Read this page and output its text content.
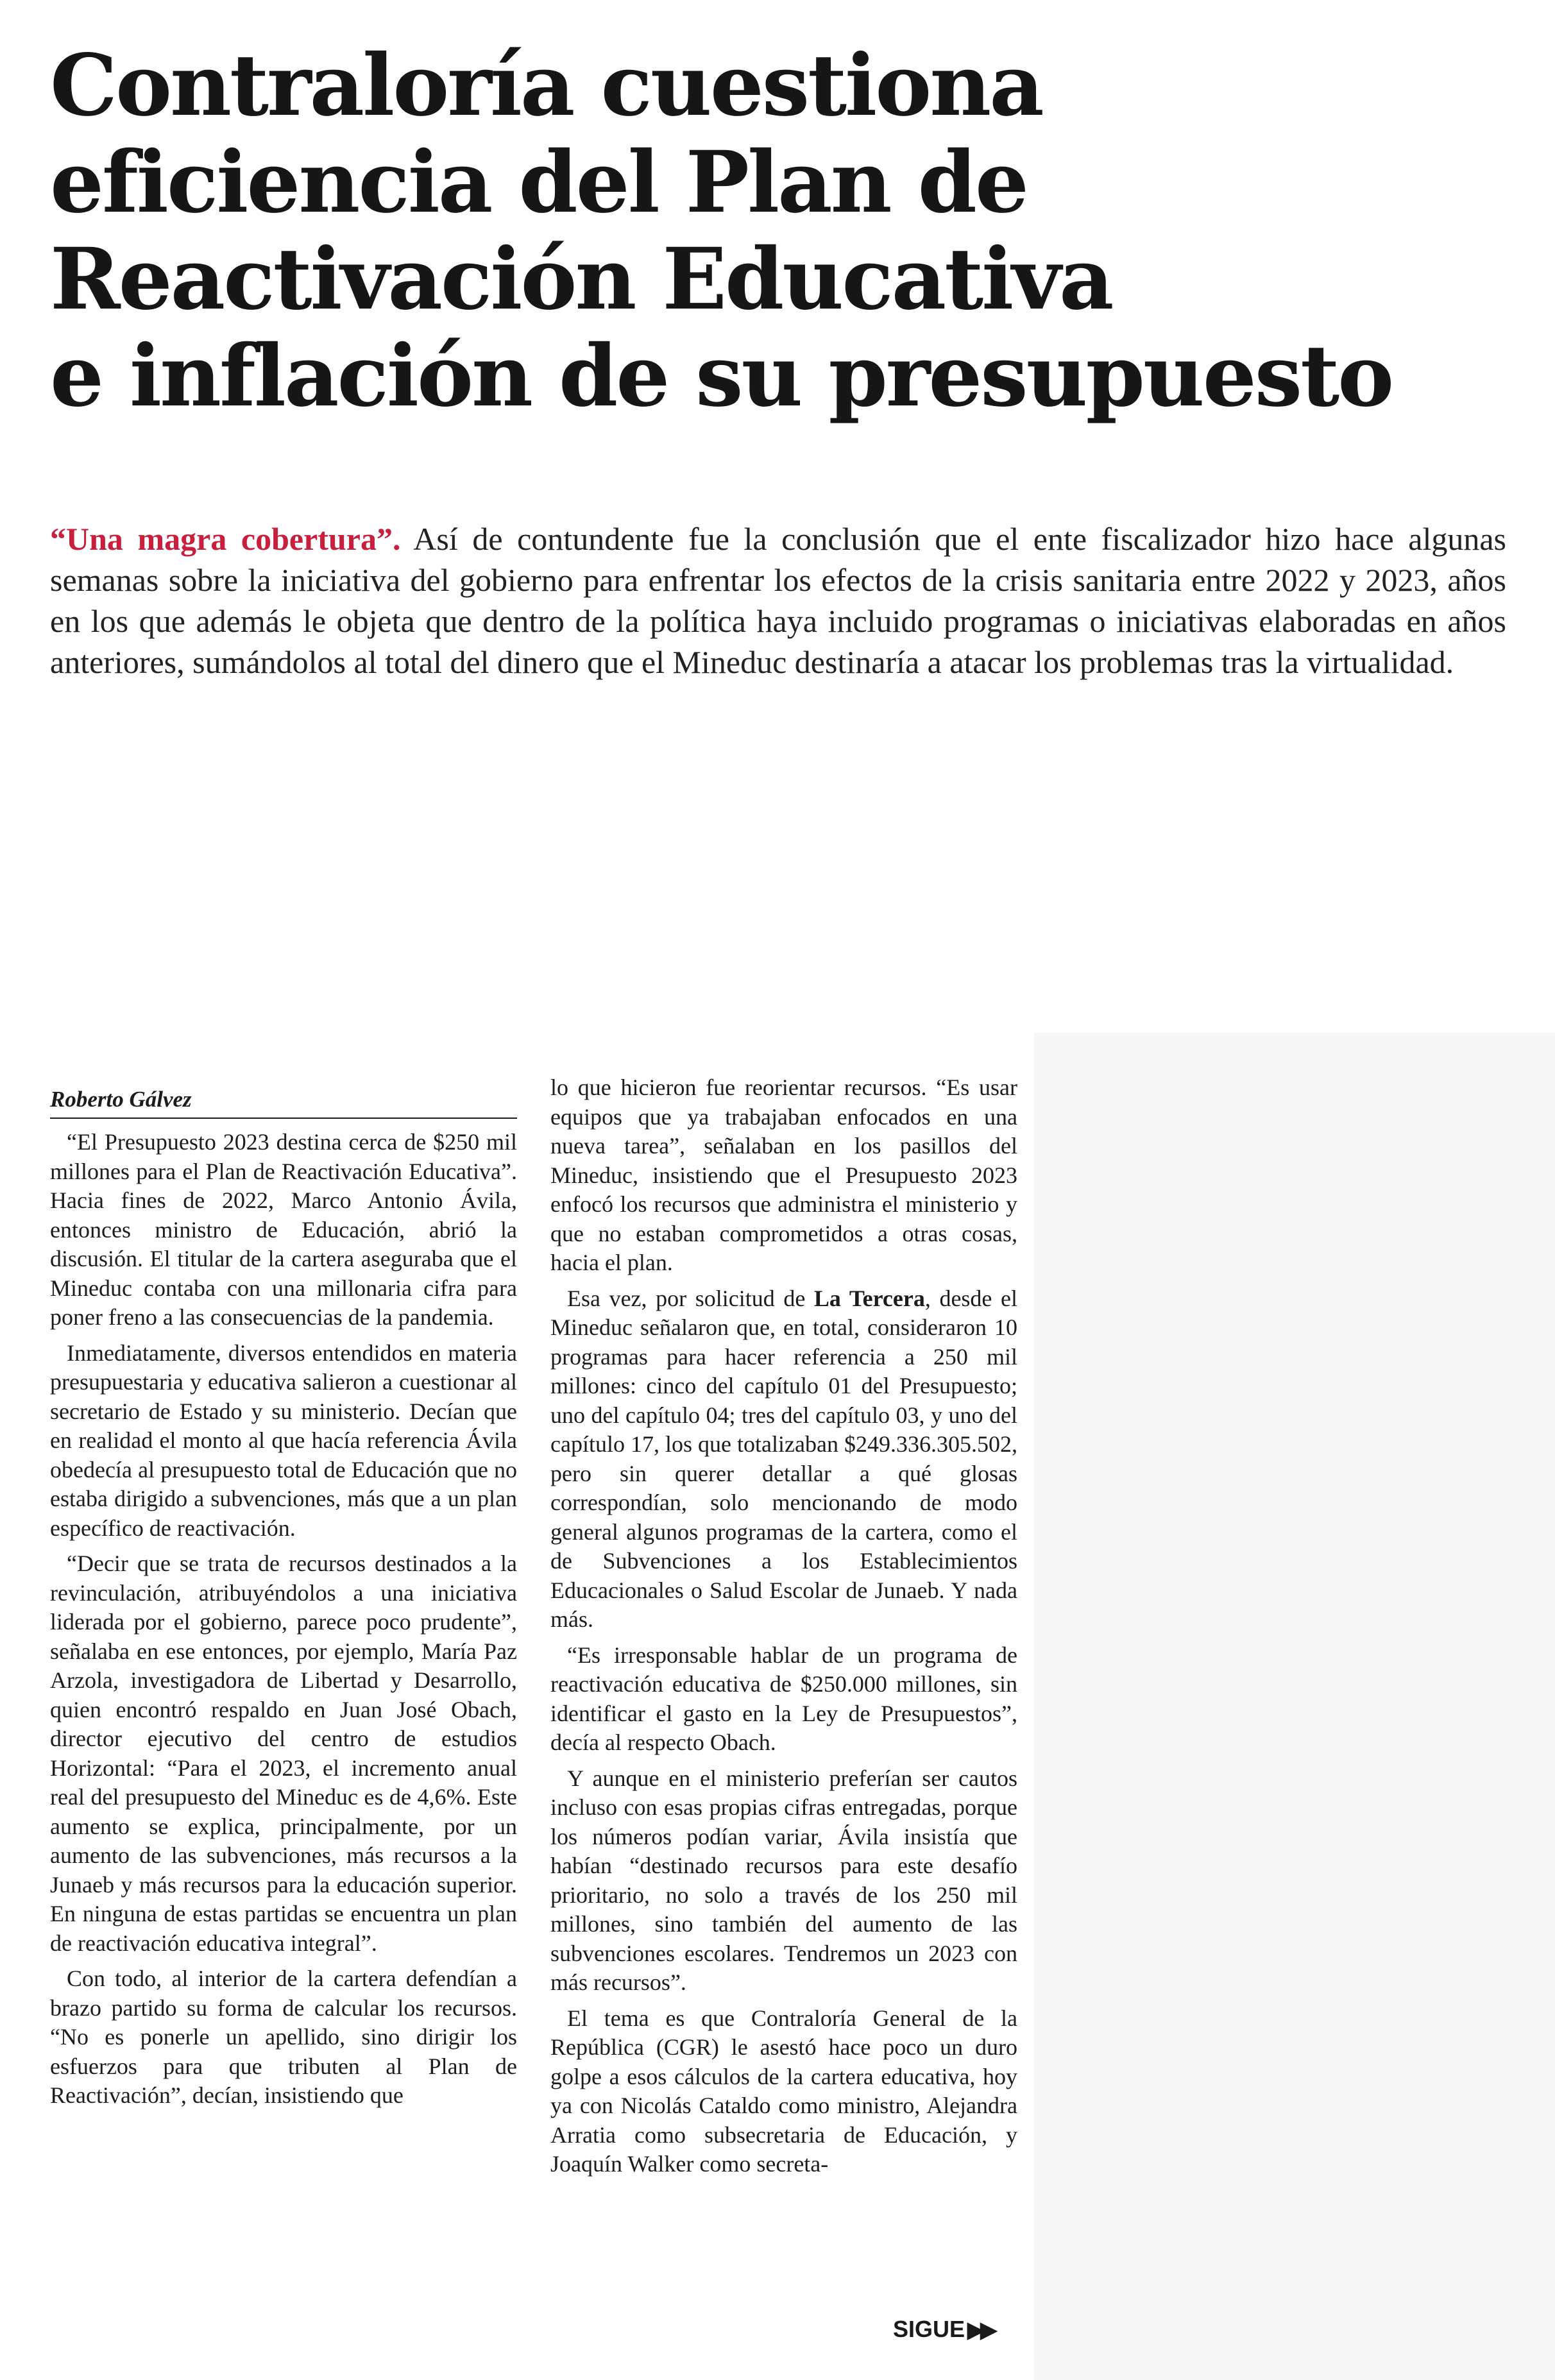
Contraloría cuestiona
eficiencia del Plan de
Reactivación Educativa
e inflación de su presupuesto

“Una magra cobertura”. Así de contundente fue la conclusión que el ente fiscalizador hizo hace algunas semanas sobre la iniciativa del gobierno para enfrentar los efectos de la crisis sanitaria entre 2022 y 2023, años en los que además le objeta que dentro de la política haya incluido programas o iniciativas elaboradas en años anteriores, sumándolos al total del dinero que el Mineduc destinaría a atacar los problemas tras la virtualidad.

Roberto Gálvez

“El Presupuesto 2023 destina cerca de $250 mil millones para el Plan de Reactivación Educativa”. Hacia fines de 2022, Marco Antonio Ávila, entonces ministro de Educación, abrió la discusión. El titular de la cartera aseguraba que el Mineduc contaba con una millonaria cifra para poner freno a las consecuencias de la pandemia.

Inmediatamente, diversos entendidos en materia presupuestaria y educativa salieron a cuestionar al secretario de Estado y su ministerio. Decían que en realidad el monto al que hacía referencia Ávila obedecía al presupuesto total de Educación que no estaba dirigido a subvenciones, más que a un plan específico de reactivación.

“Decir que se trata de recursos destinados a la revinculación, atribuyéndolos a una iniciativa liderada por el gobierno, parece poco prudente”, señalaba en ese entonces, por ejemplo, María Paz Arzola, investigadora de Libertad y Desarrollo, quien encontró respaldo en Juan José Obach, director ejecutivo del centro de estudios Horizontal: “Para el 2023, el incremento anual real del presupuesto del Mineduc es de 4,6%. Este aumento se explica, principalmente, por un aumento de las subvenciones, más recursos a la Junaeb y más recursos para la educación superior. En ninguna de estas partidas se encuentra un plan de reactivación educativa integral”.

Con todo, al interior de la cartera defendían a brazo partido su forma de calcular los recursos. “No es ponerle un apellido, sino dirigir los esfuerzos para que tributen al Plan de Reactivación”, decían, insistiendo que

lo que hicieron fue reorientar recursos. “Es usar equipos que ya trabajaban enfocados en una nueva tarea”, señalaban en los pasillos del Mineduc, insistiendo que el Presupuesto 2023 enfocó los recursos que administra el ministerio y que no estaban comprometidos a otras cosas, hacia el plan.

Esa vez, por solicitud de La Tercera, desde el Mineduc señalaron que, en total, consideraron 10 programas para hacer referencia a 250 mil millones: cinco del capítulo 01 del Presupuesto; uno del capítulo 04; tres del capítulo 03, y uno del capítulo 17, los que totalizaban $249.336.305.502, pero sin querer detallar a qué glosas correspondían, solo mencionando de modo general algunos programas de la cartera, como el de Subvenciones a los Establecimientos Educacionales o Salud Escolar de Junaeb. Y nada más.

“Es irresponsable hablar de un programa de reactivación educativa de $250.000 millones, sin identificar el gasto en la Ley de Presupuestos”, decía al respecto Obach.

Y aunque en el ministerio preferían ser cautos incluso con esas propias cifras entregadas, porque los números podían variar, Ávila insistía que habían “destinado recursos para este desafío prioritario, no solo a través de los 250 mil millones, sino también del aumento de las subvenciones escolares. Tendremos un 2023 con más recursos”.

El tema es que Contraloría General de la República (CGR) le asestó hace poco un duro golpe a esos cálculos de la cartera educativa, hoy ya con Nicolás Cataldo como ministro, Alejandra Arratia como subsecretaria de Educación, y Joaquín Walker como secreta-

SIGUE ▶▶
